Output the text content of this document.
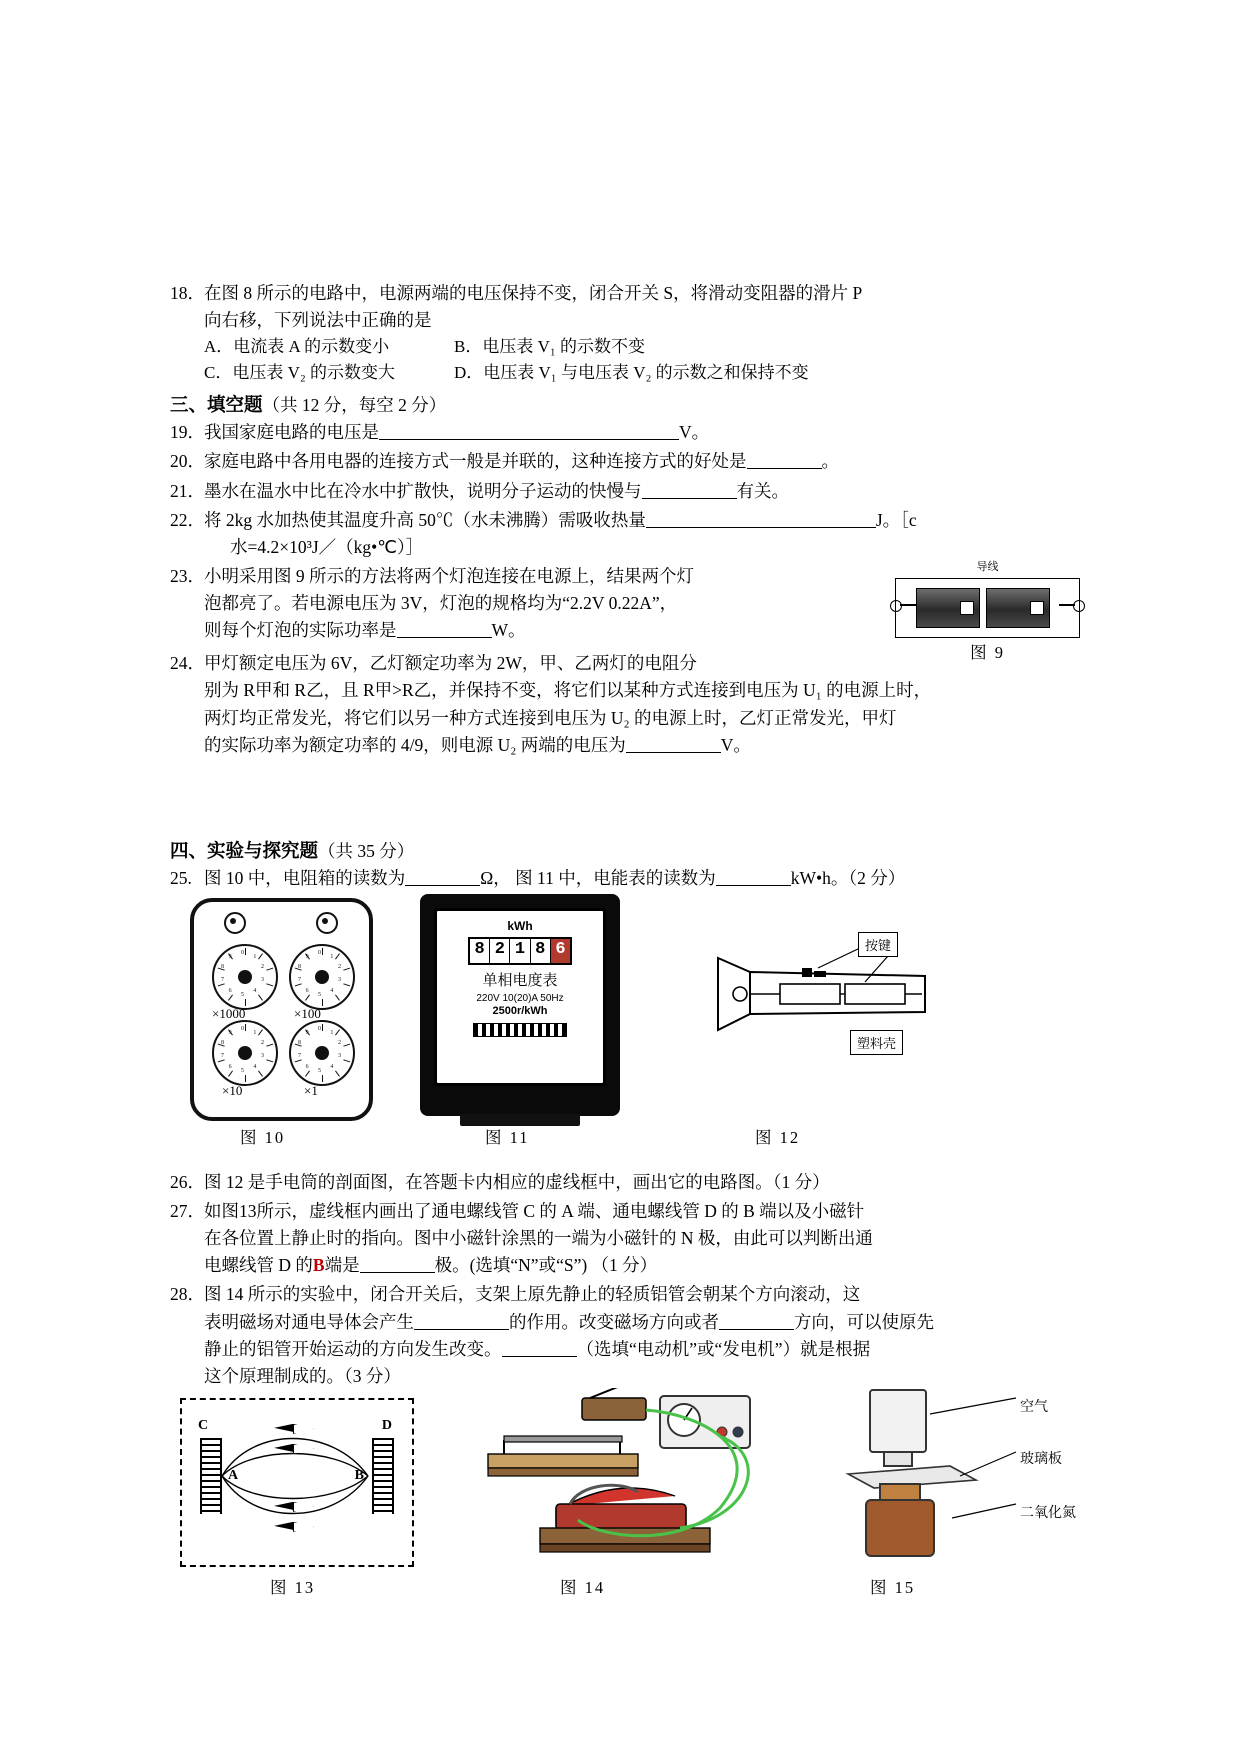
18．在图 8 所示的电路中，电源两端的电压保持不变，闭合开关 S，将滑动变阻器的滑片 P
向右移，下列说法中正确的是
A．电流表 A 的示数变小	B．电压表 V₁ 的示数不变
C．电压表 V₂ 的示数变大	D．电压表 V₁ 与电压表 V₂ 的示数之和保持不变
三、填空题（共 12 分，每空 2 分）
19．我国家庭电路的电压是	V。
20．家庭电路中各用电器的连接方式一般是并联的，这种连接方式的好处是	。
21．墨水在温水中比在冷水中扩散快，说明分子运动的快慢与	有关。
22．将 2kg 水加热使其温度升高 50℃（水未沸腾）需吸收热量	J。［c
水=4.2×10³J／（kg•℃）］
23．小明采用图 9 所示的方法将两个灯泡连接在电源上，结果两个灯
泡都亮了。若电源电压为 3V，灯泡的规格均为“2.2V 0.22A”，
则每个灯泡的实际功率是	W。
导线
图 9
24．甲灯额定电压为 6V，乙灯额定功率为 2W，甲、乙两灯的电阻分
别为 R甲和 R乙，且 R甲>R乙，并保持不变，将它们以某种方式连接到电压为 U₁ 的电源上时，
两灯均正常发光，将它们以另一种方式连接到电压为 U₂ 的电源上时，乙灯正常发光，甲灯
的实际功率为额定功率的 4/9，则电源 U₂ 两端的电压为	V。
四、实验与探究题（共 35 分）
25. 图 10 中，电阻箱的读数为	Ω， 图 11 中，电能表的读数为	kW•h。（2 分）
0
1
2
3
4
5
6
7
8
9
0
1
2
3
4
5
6
7
8
9
0
1
2
3
4
5
6
7
8
9
0
1
2
3
4
5
6
7
8
9
×1000	×100
×10	×1
kWh
8 2 1 8 6
单相电度表
220V 10(20)A 50Hz
2500r/kWh
按键
塑料壳
图 10	图 11	图 12
26．图 12 是手电筒的剖面图，在答题卡内相应的虚线框中，画出它的电路图。（1 分）
27．如图13所示，虚线框内画出了通电螺线管 C 的 A 端、通电螺线管 D 的 B 端以及小磁针
在各位置上静止时的指向。图中小磁针涂黑的一端为小磁针的 N 极，由此可以判断出通
电螺线管 D 的B端是	极。(选填“N”或“S”) （1 分）
28．图 14 所示的实验中，闭合开关后，支架上原先静止的轻质铝管会朝某个方向滚动，这
表明磁场对通电导体会产生	的作用。改变磁场方向或者	方向，可以使原先
静止的铝管开始运动的方向发生改变。	（选填“电动机”或“发电机”）就是根据
这个原理制成的。（3 分）
C	D
A	B
空气
玻璃板
二氧化氮
图 13	图 14	图 15
